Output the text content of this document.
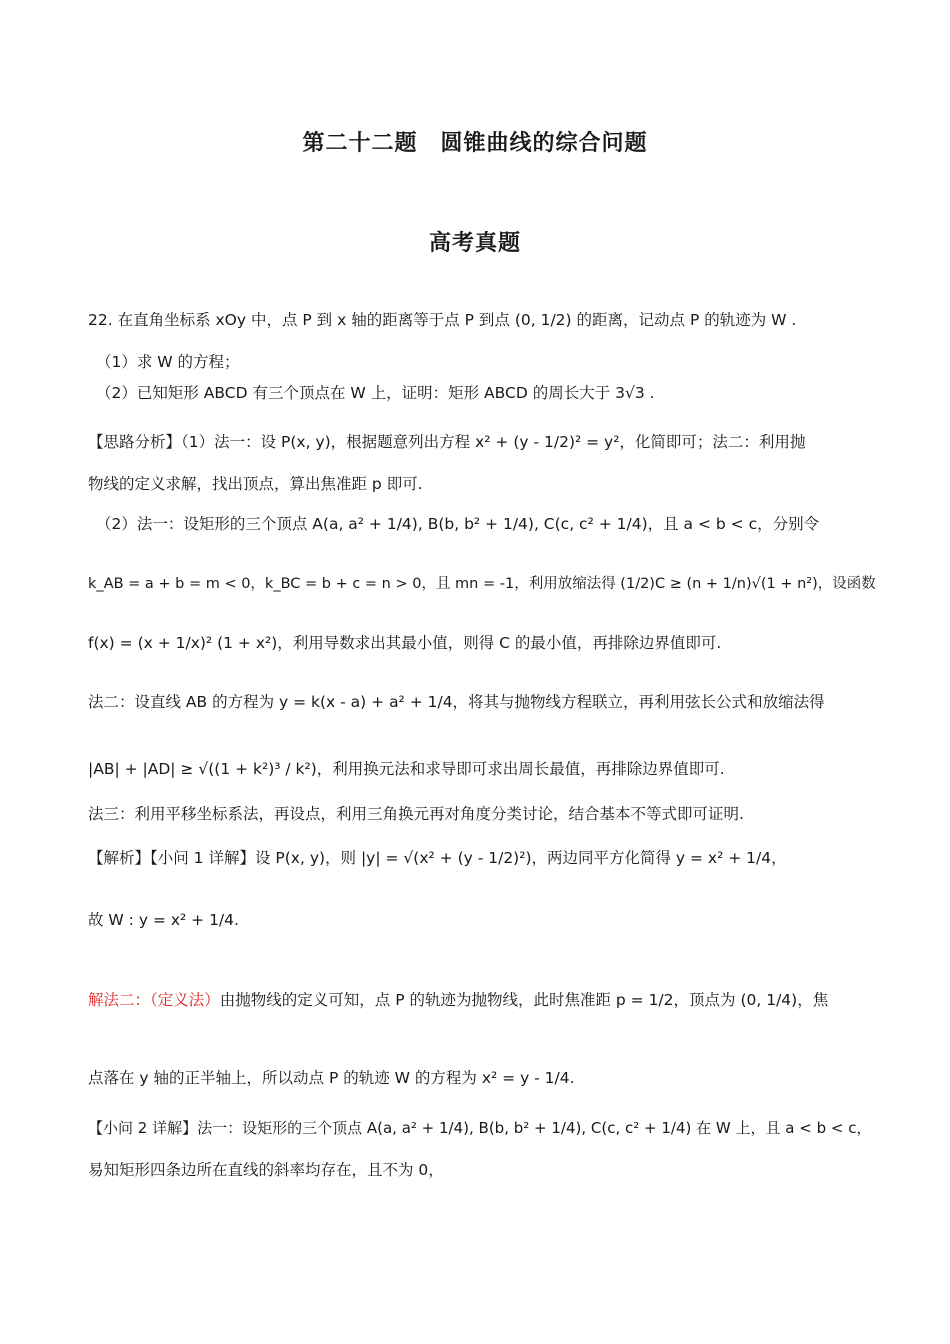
第二十二题　圆锥曲线的综合问题
高考真题
22. 在直角坐标系 xOy 中，点 P 到 x 轴的距离等于点 P 到点 (0, 1/2) 的距离，记动点 P 的轨迹为 W .
（1）求 W 的方程；
（2）已知矩形 ABCD 有三个顶点在 W 上，证明：矩形 ABCD 的周长大于 3√3 .
【思路分析】（1）法一：设 P(x, y)，根据题意列出方程 x² + (y - 1/2)² = y²，化简即可；法二：利用抛
物线的定义求解，找出顶点，算出焦准距 p 即可.
（2）法一：设矩形的三个顶点 A(a, a² + 1/4), B(b, b² + 1/4), C(c, c² + 1/4)，且 a < b < c，分别令
k_AB = a + b = m < 0，k_BC = b + c = n > 0，且 mn = -1，利用放缩法得 (1/2)C ≥ (n + 1/n)√(1 + n²)，设函数
f(x) = (x + 1/x)² (1 + x²)，利用导数求出其最小值，则得 C 的最小值，再排除边界值即可.
法二：设直线 AB 的方程为 y = k(x - a) + a² + 1/4，将其与抛物线方程联立，再利用弦长公式和放缩法得
|AB| + |AD| ≥ √((1 + k²)³ / k²)，利用换元法和求导即可求出周长最值，再排除边界值即可.
法三：利用平移坐标系法，再设点，利用三角换元再对角度分类讨论，结合基本不等式即可证明.
【解析】【小问 1 详解】设 P(x, y)，则 |y| = √(x² + (y - 1/2)²)，两边同平方化简得 y = x² + 1/4，
故 W : y = x² + 1/4.
解法二：（定义法）由抛物线的定义可知，点 P 的轨迹为抛物线，此时焦准距 p = 1/2，顶点为 (0, 1/4)，焦
点落在 y 轴的正半轴上，所以动点 P 的轨迹 W 的方程为 x² = y - 1/4.
【小问 2 详解】法一：设矩形的三个顶点 A(a, a² + 1/4), B(b, b² + 1/4), C(c, c² + 1/4) 在 W 上，且 a < b < c，
易知矩形四条边所在直线的斜率均存在，且不为 0，
